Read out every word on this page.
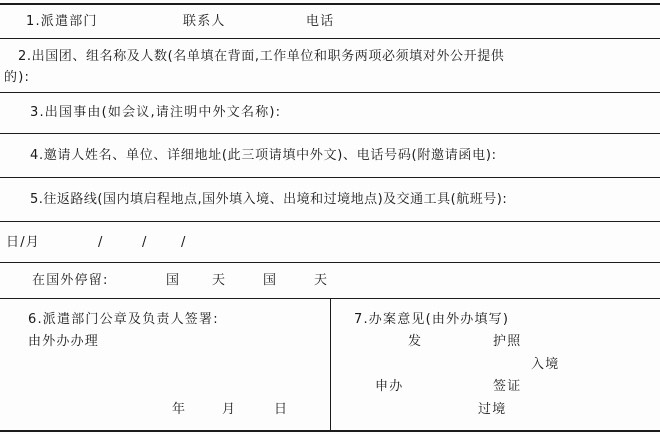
1.派遣部门	联系人	电话
2.出国团、组名称及人数(名单填在背面,工作单位和职务两项必须填对外公开提供
的):
3.出国事由(如会议,请注明中外文名称):
4.邀请人姓名、单位、详细地址(此三项请填中外文)、电话号码(附邀请函电):
5.往返路线(国内填启程地点,国外填入境、出境和过境地点)及交通工具(航班号):
日/月	/	/	/
在国外停留:	国 天	国	天
6.派遣部门公章及负责人签署:
由外办办理
年	月	日
7.办案意见(由外办填写)
发	护照
入境
申办	签证
过境
